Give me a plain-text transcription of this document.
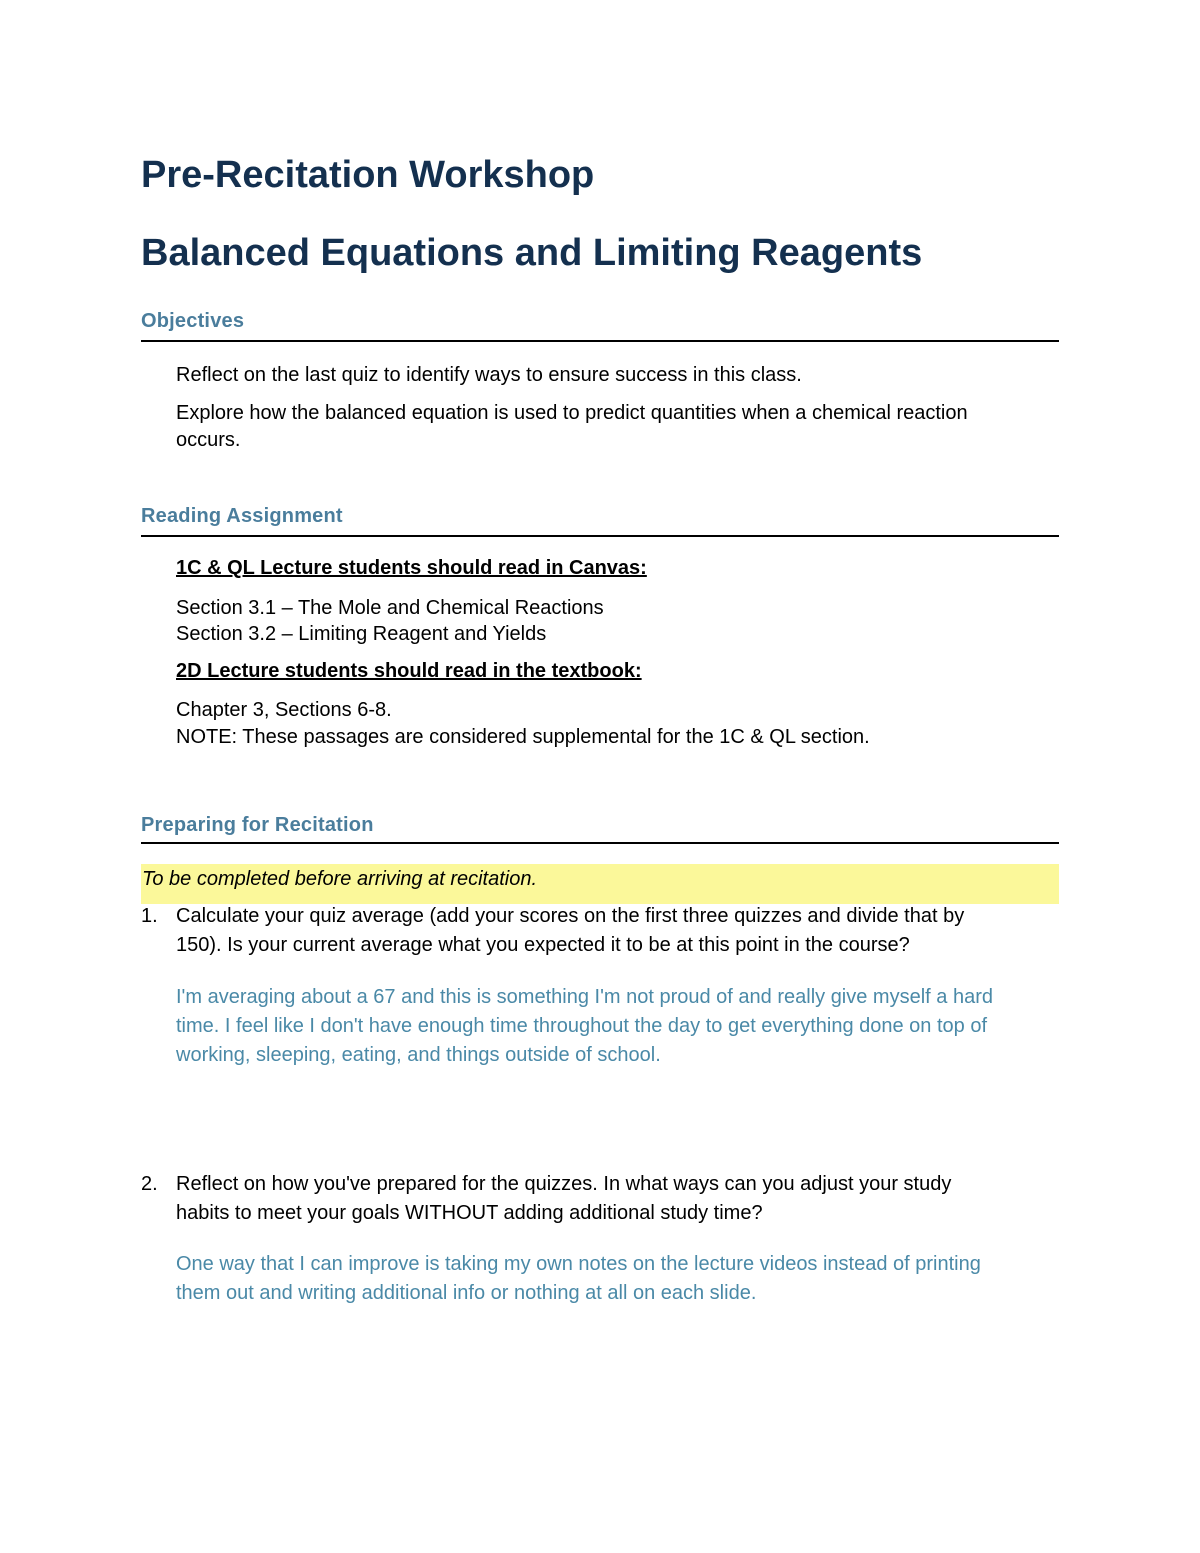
Pre-Recitation Workshop
Balanced Equations and Limiting Reagents
Objectives
Reflect on the last quiz to identify ways to ensure success in this class.
Explore how the balanced equation is used to predict quantities when a chemical reaction
occurs.
Reading Assignment
1C & QL Lecture students should read in Canvas:
Section 3.1 – The Mole and Chemical Reactions
Section 3.2 – Limiting Reagent and Yields
2D Lecture students should read in the textbook:
Chapter 3, Sections 6-8.
NOTE: These passages are considered supplemental for the 1C & QL section.
Preparing for Recitation
To be completed before arriving at recitation.
1. Calculate your quiz average (add your scores on the first three quizzes and divide that by
150). Is your current average what you expected it to be at this point in the course?
I'm averaging about a 67 and this is something I'm not proud of and really give myself a hard
time. I feel like I don't have enough time throughout the day to get everything done on top of
working, sleeping, eating, and things outside of school.
2. Reflect on how you've prepared for the quizzes. In what ways can you adjust your study
habits to meet your goals WITHOUT adding additional study time?
One way that I can improve is taking my own notes on the lecture videos instead of printing
them out and writing additional info or nothing at all on each slide.
